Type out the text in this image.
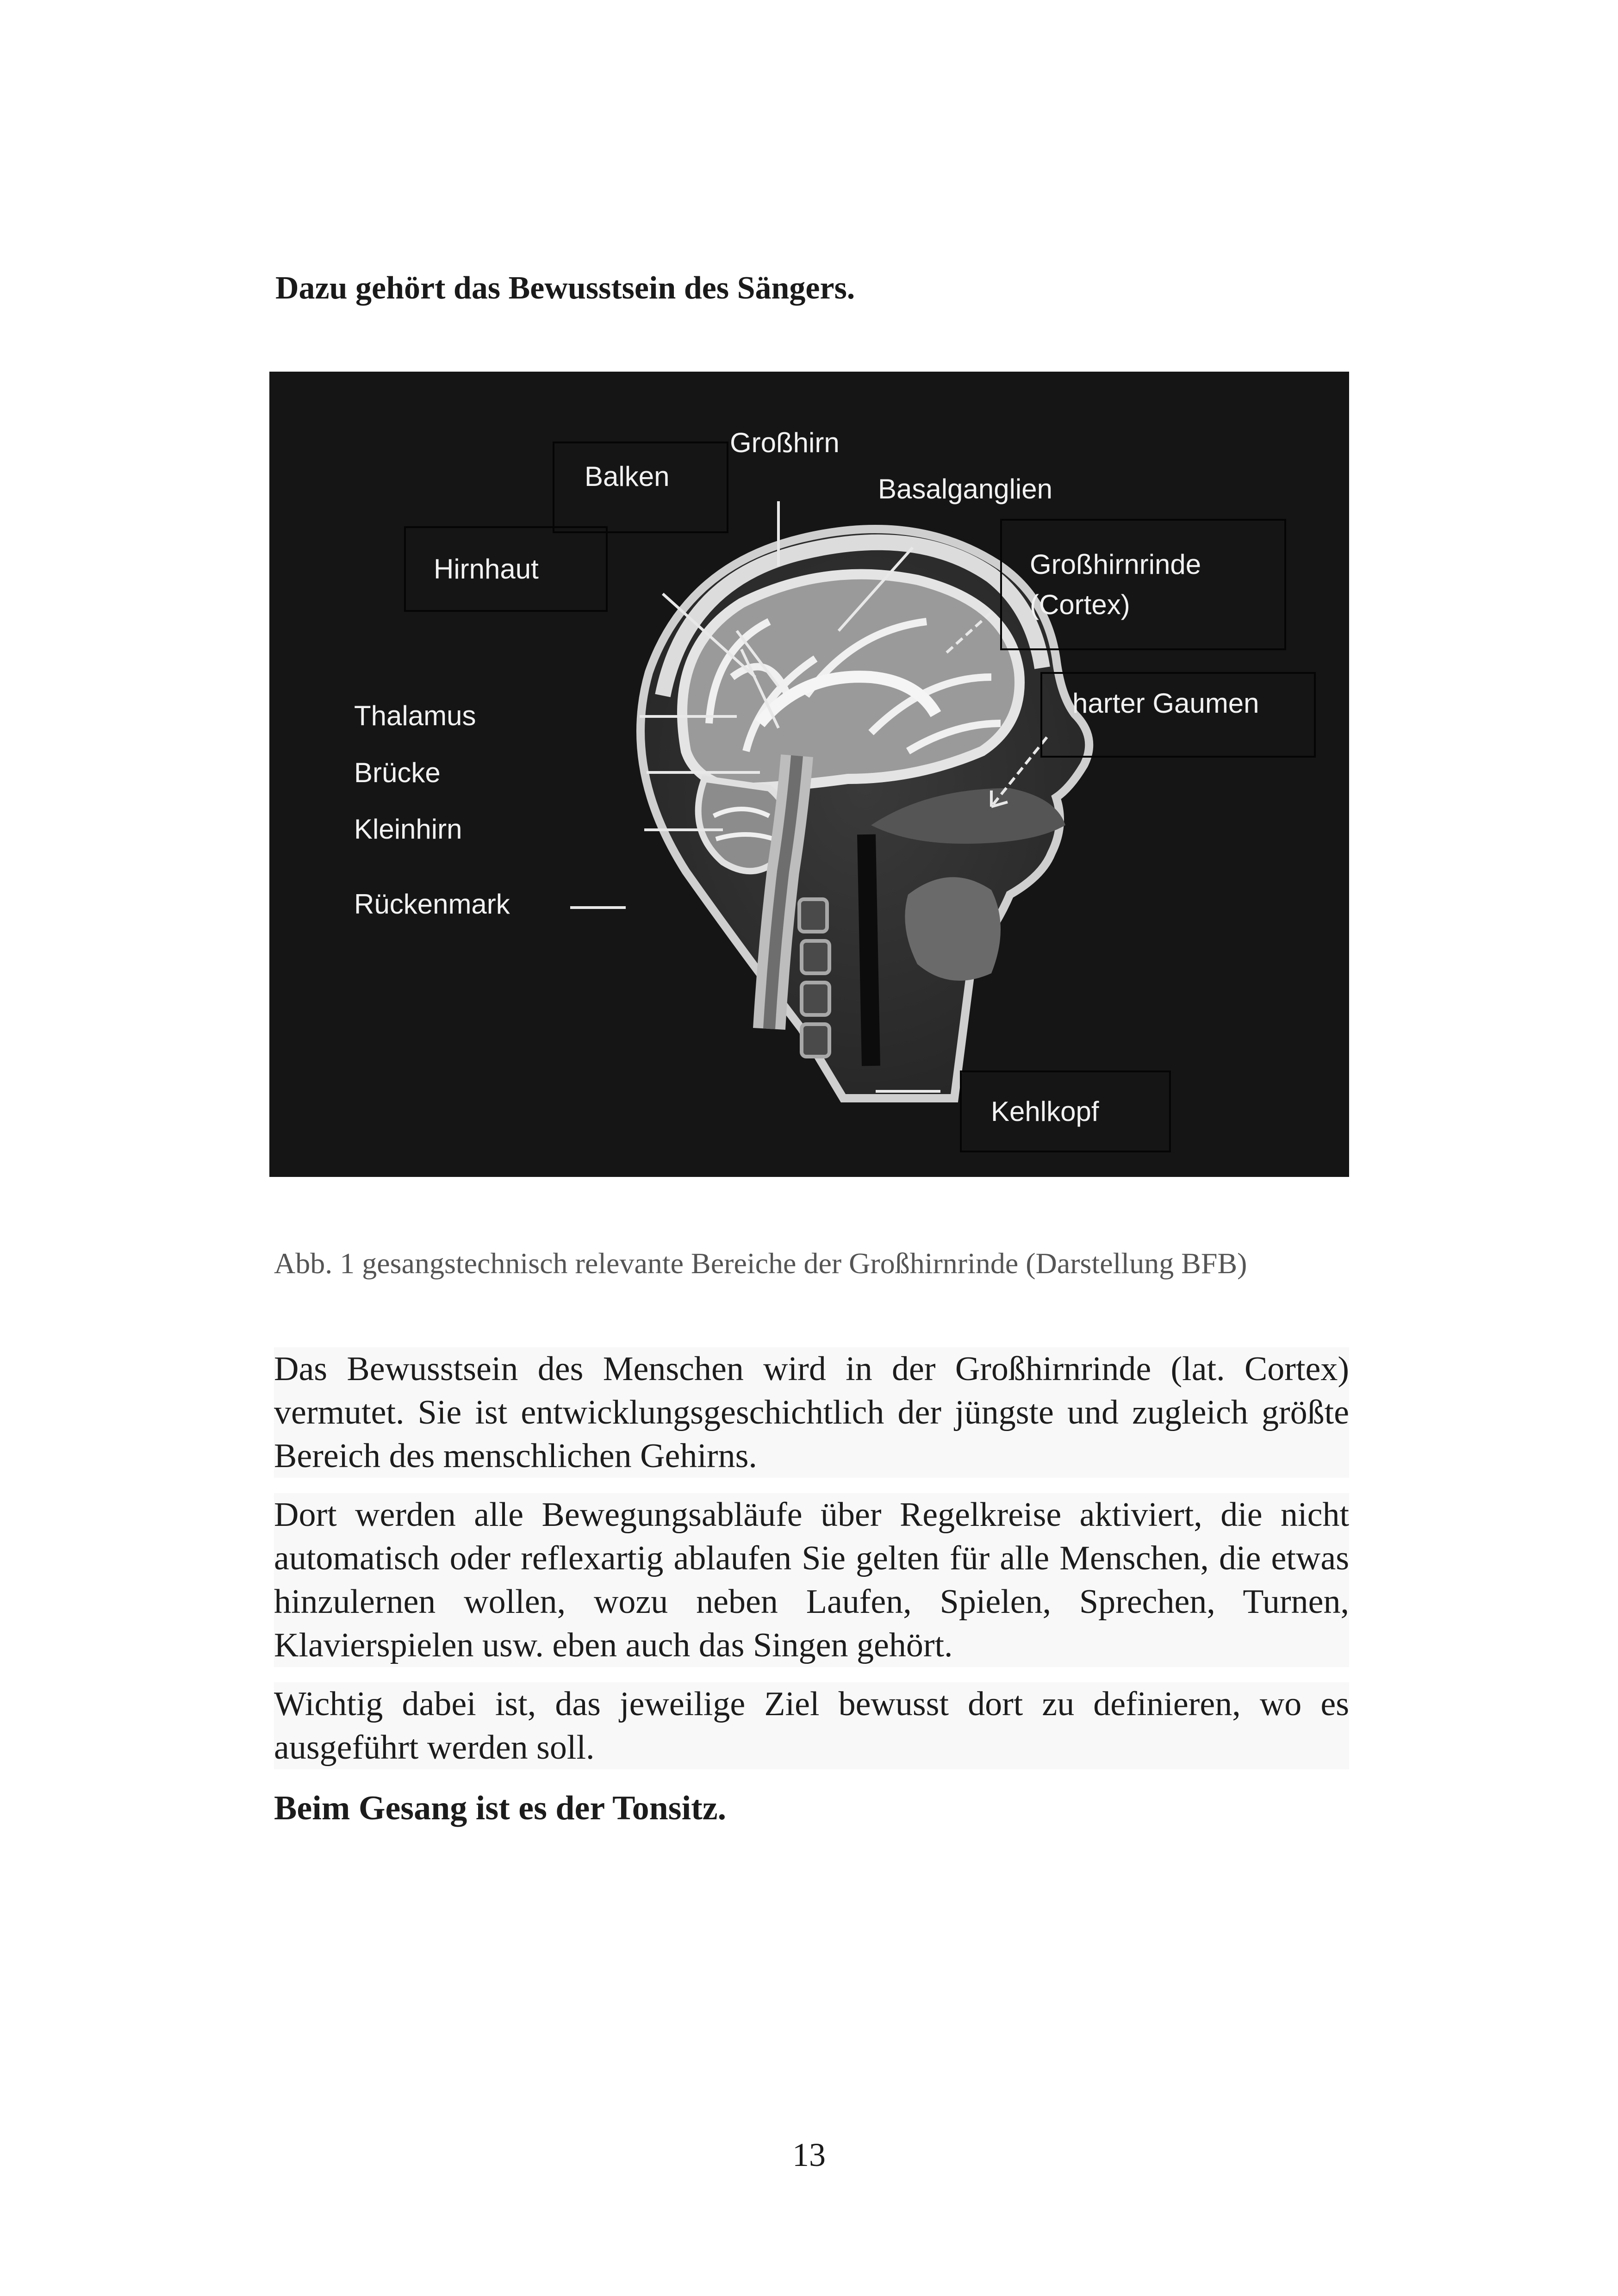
Dazu gehört das Bewusstsein des Sängers.
Balken
Großhirn
Basalganglien
Hirnhaut	Großhirnrinde
(Cortex)
Thalamus
Brücke
Kleinhirn
Rückenmark
harter Gaumen
Kehlkopf

Abb. 1 gesangstechnisch relevante Bereiche der Großhirnrinde (Darstellung BFB)

Das Bewusstsein des Menschen wird in der Großhirnrinde (lat. Cortex) vermutet. Sie ist entwicklungsgeschichtlich der jüngste und zugleich größte Bereich des menschlichen Gehirns.

Dort werden alle Bewegungsabläufe über Regelkreise aktiviert, die nicht automatisch oder reflexartig ablaufen Sie gelten für alle Menschen, die etwas hinzulernen wollen, wozu neben Laufen, Spielen, Sprechen, Turnen, Klavierspielen usw. eben auch das Singen gehört.

Wichtig dabei ist, das jeweilige Ziel bewusst dort zu definieren, wo es ausgeführt werden soll.

Beim Gesang ist es der Tonsitz.

13
